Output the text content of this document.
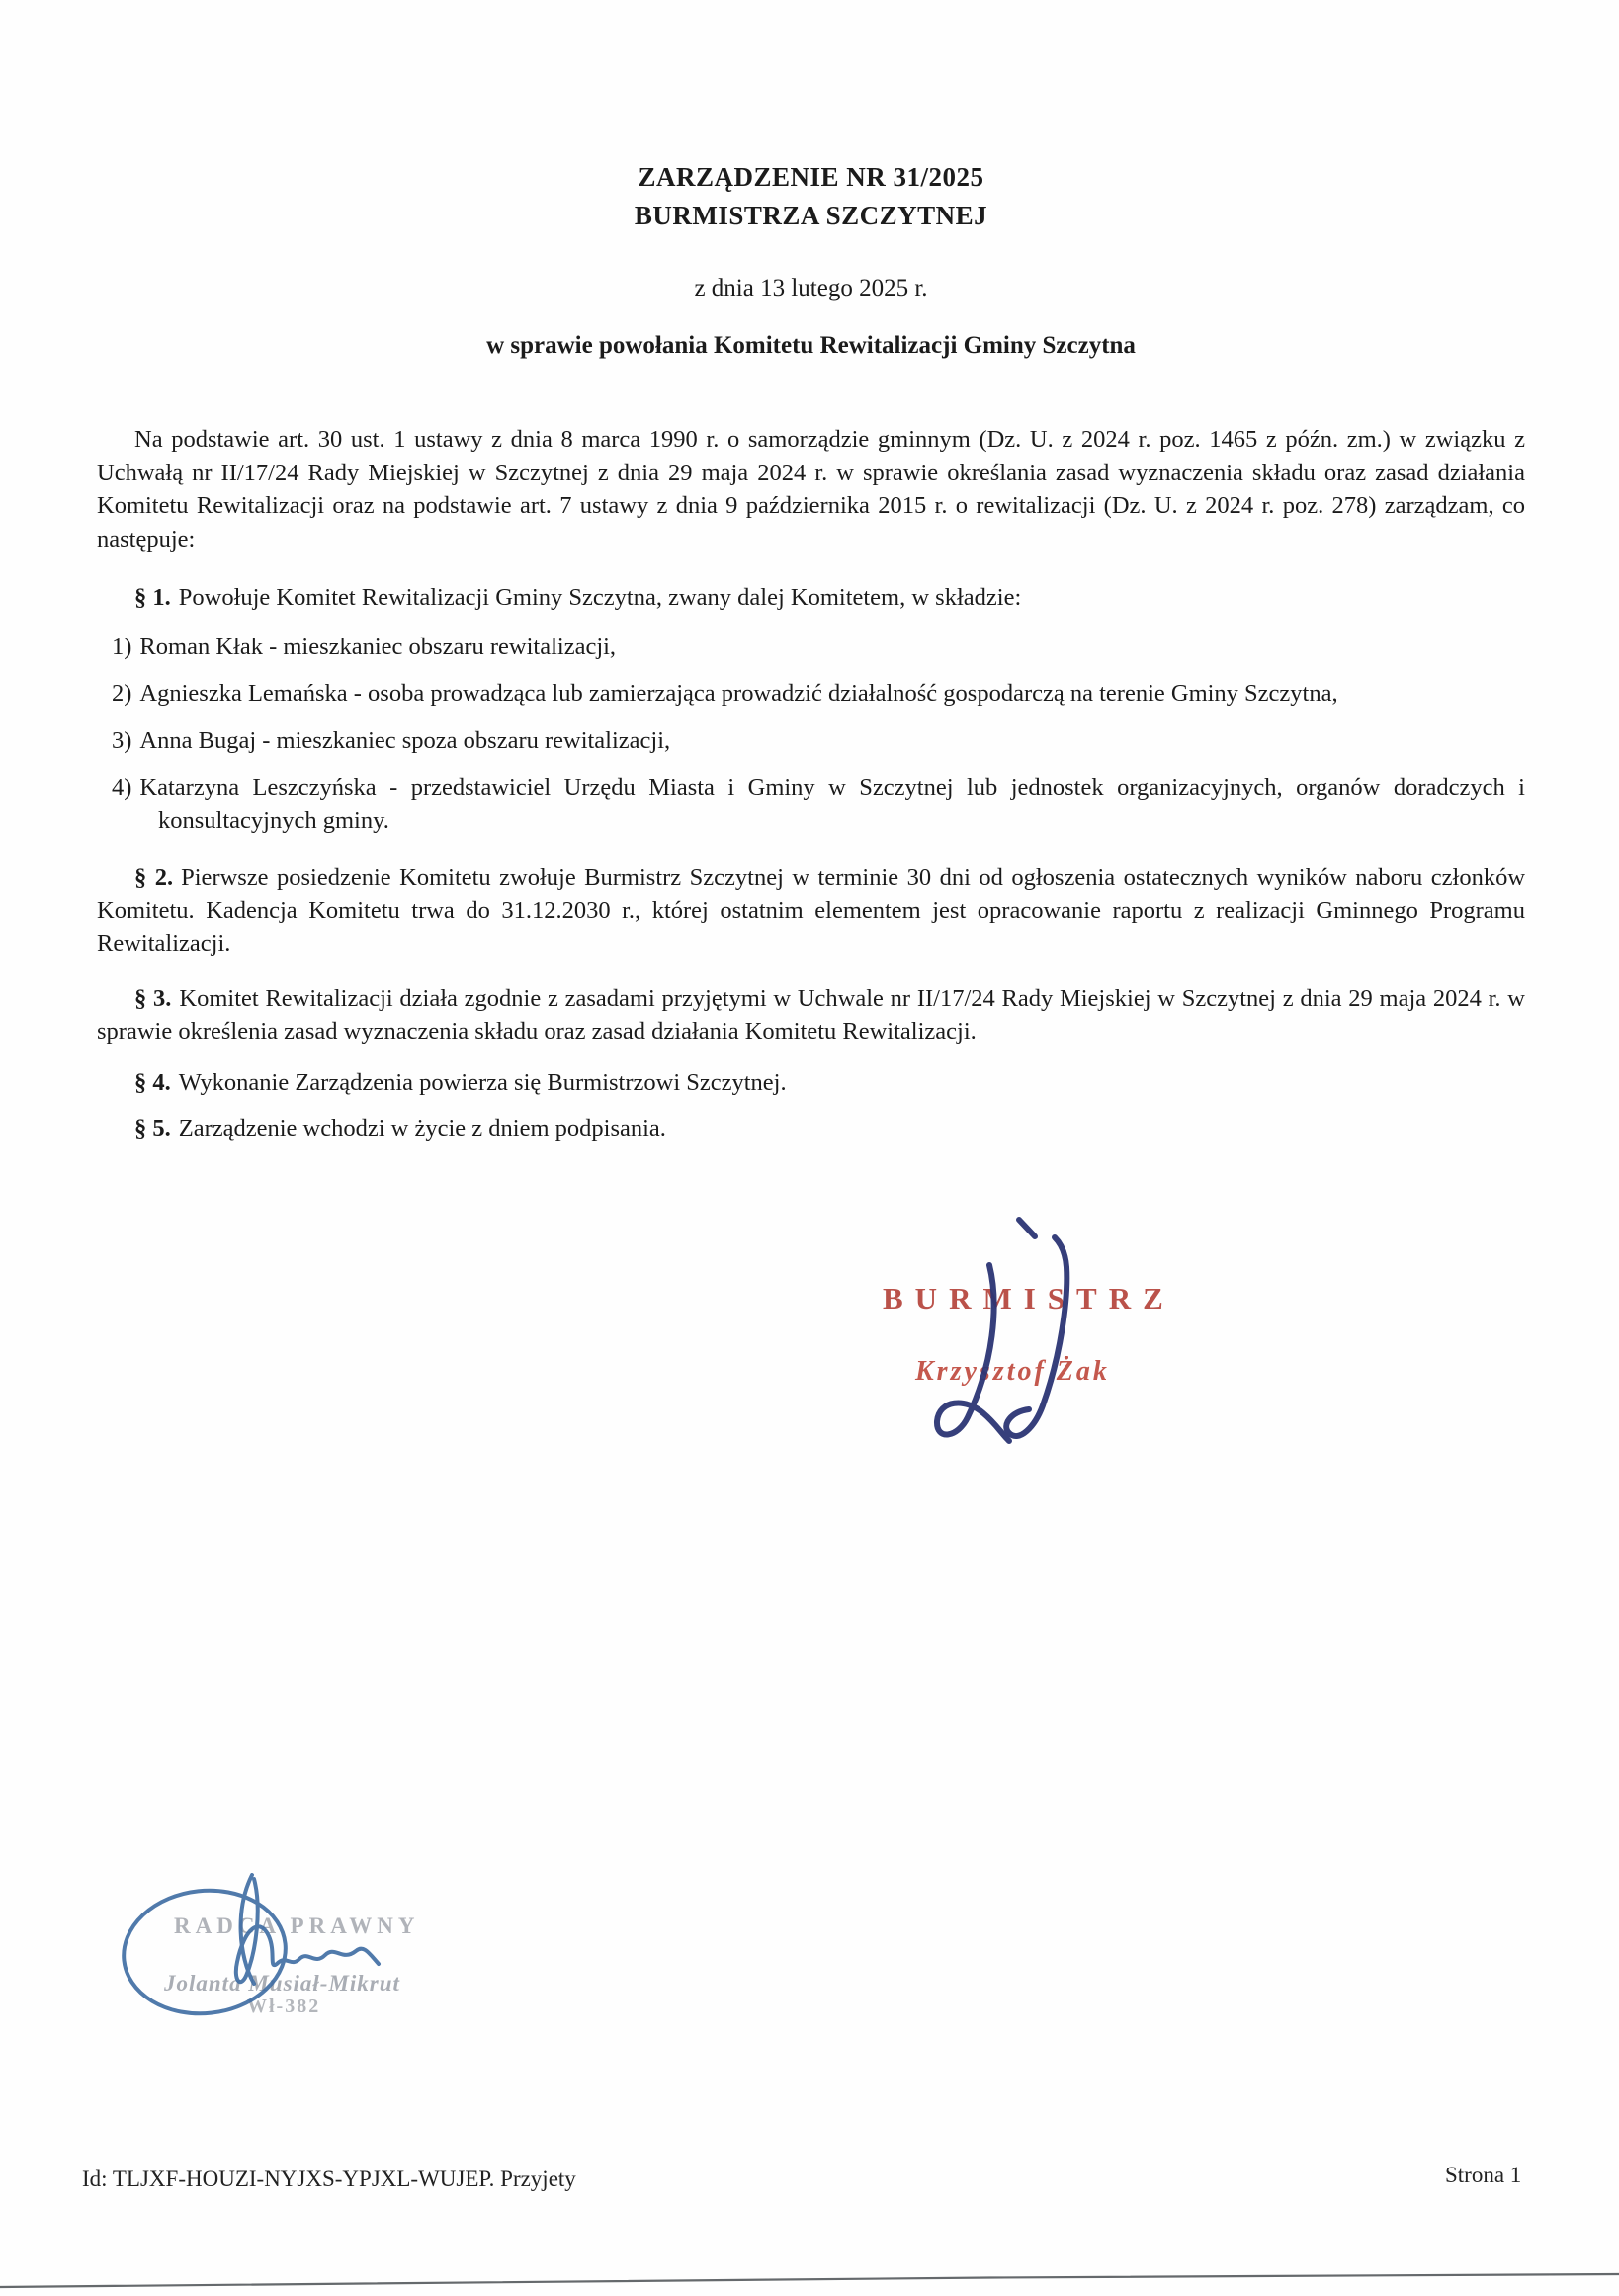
ZARZĄDZENIE NR 31/2025
BURMISTRZA SZCZYTNEJ
z dnia 13 lutego 2025 r.
w sprawie powołania Komitetu Rewitalizacji Gminy Szczytna
Na podstawie art. 30 ust. 1 ustawy z dnia 8 marca 1990 r. o samorządzie gminnym (Dz. U. z 2024 r. poz. 1465 z późn. zm.) w związku z Uchwałą nr II/17/24 Rady Miejskiej w Szczytnej z dnia 29 maja 2024 r. w sprawie określania zasad wyznaczenia składu oraz zasad działania Komitetu Rewitalizacji oraz na podstawie art. 7 ustawy z dnia 9 października 2015 r. o rewitalizacji (Dz. U. z 2024 r. poz. 278) zarządzam, co następuje:
§ 1. Powołuje Komitet Rewitalizacji Gminy Szczytna, zwany dalej Komitetem, w składzie:
1) Roman Kłak - mieszkaniec obszaru rewitalizacji,
2) Agnieszka Lemańska - osoba prowadząca lub zamierzająca prowadzić działalność gospodarczą na terenie Gminy Szczytna,
3) Anna Bugaj - mieszkaniec spoza obszaru rewitalizacji,
4) Katarzyna Leszczyńska - przedstawiciel Urzędu Miasta i Gminy w Szczytnej lub jednostek organizacyjnych, organów doradczych i konsultacyjnych gminy.
§ 2. Pierwsze posiedzenie Komitetu zwołuje Burmistrz Szczytnej w terminie 30 dni od ogłoszenia ostatecznych wyników naboru członków Komitetu. Kadencja Komitetu trwa do 31.12.2030 r., której ostatnim elementem jest opracowanie raportu z realizacji Gminnego Programu Rewitalizacji.
§ 3. Komitet Rewitalizacji działa zgodnie z zasadami przyjętymi w Uchwale nr II/17/24 Rady Miejskiej w Szczytnej z dnia 29 maja 2024 r. w sprawie określenia zasad wyznaczenia składu oraz zasad działania Komitetu Rewitalizacji.
§ 4. Wykonanie Zarządzenia powierza się Burmistrzowi Szczytnej.
§ 5. Zarządzenie wchodzi w życie z dniem podpisania.
BURMISTRZ
Krzysztof Żak
RADCA PRAWNY
Jolanta Musiał-Mikrut
Wł-382
Id: TLJXF-HOUZI-NYJXS-YPJXL-WUJEP. Przyjety	Strona 1
